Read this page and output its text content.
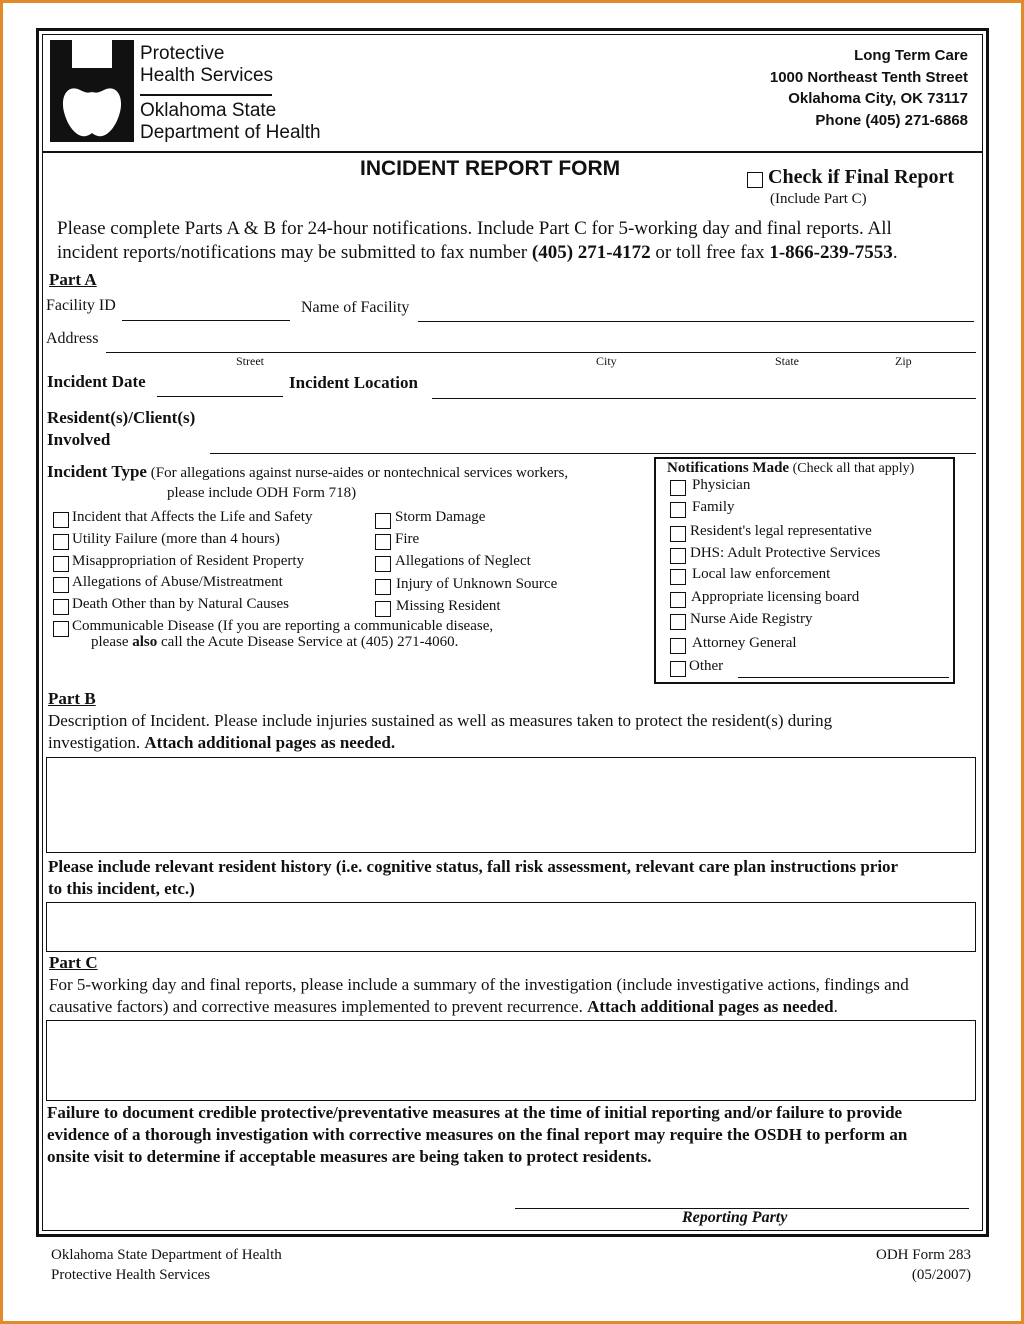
Protective
Health Services
Oklahoma State
Department of Health
Long Term Care
1000 Northeast Tenth Street
Oklahoma City, OK 73117
Phone (405) 271-6868
INCIDENT REPORT FORM	Check if Final Report
(Include Part C)
Please complete Parts A & B for 24-hour notifications. Include Part C for 5-working day and final reports. All
incident reports/notifications may be submitted to fax number (405) 271-4172 or toll free fax 1-866-239-7553.
Part A
Facility ID	Name of Facility
Address
Street	City	State	Zip
Incident Date	Incident Location
Resident(s)/Client(s)
Involved
Incident Type (For allegations against nurse-aides or nontechnical services workers,
please include ODH Form 718)
Incident that Affects the Life and Safety
Utility Failure (more than 4 hours)
Misappropriation of Resident Property
Allegations of Abuse/Mistreatment
Death Other than by Natural Causes
Communicable Disease (If you are reporting a communicable disease,
please also call the Acute Disease Service at (405) 271-4060.
Storm Damage
Fire
Allegations of Neglect
Injury of Unknown Source
Missing Resident
Notifications Made (Check all that apply)
Physician
Family
Resident's legal representative
DHS: Adult Protective Services
Local law enforcement
Appropriate licensing board
Nurse Aide Registry
Attorney General
Other
Part B
Description of Incident. Please include injuries sustained as well as measures taken to protect the resident(s) during
investigation. Attach additional pages as needed.
Please include relevant resident history (i.e. cognitive status, fall risk assessment, relevant care plan instructions prior
to this incident, etc.)
Part C
For 5-working day and final reports, please include a summary of the investigation (include investigative actions, findings and
causative factors) and corrective measures implemented to prevent recurrence. Attach additional pages as needed.
Failure to document credible protective/preventative measures at the time of initial reporting and/or failure to provide
evidence of a thorough investigation with corrective measures on the final report may require the OSDH to perform an
onsite visit to determine if acceptable measures are being taken to protect residents.
Reporting Party
Oklahoma State Department of Health
Protective Health Services
ODH Form 283
(05/2007)
